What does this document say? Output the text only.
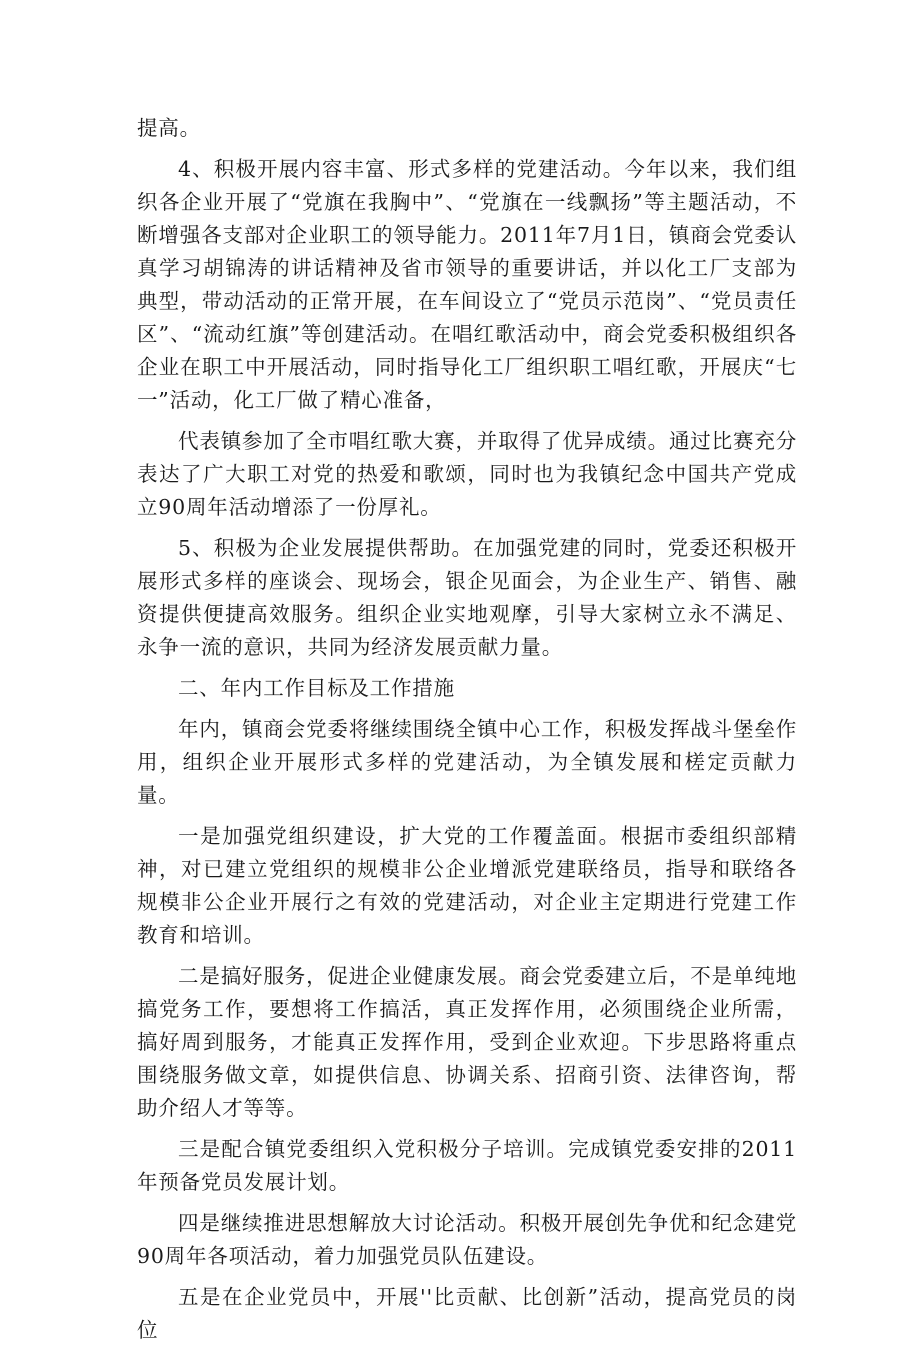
提高。

4、积极开展内容丰富、形式多样的党建活动。今年以来，我们组织各企业开展了“党旗在我胸中”、“党旗在一线飘扬”等主题活动，不断增强各支部对企业职工的领导能力。2011年7月1日，镇商会党委认真学习胡锦涛的讲话精神及省市领导的重要讲话，并以化工厂支部为典型，带动活动的正常开展，在车间设立了“党员示范岗”、“党员责任区”、“流动红旗”等创建活动。在唱红歌活动中，商会党委积极组织各企业在职工中开展活动，同时指导化工厂组织职工唱红歌，开展庆“七一”活动，化工厂做了精心准备，

代表镇参加了全市唱红歌大赛，并取得了优异成绩。通过比赛充分表达了广大职工对党的热爱和歌颂，同时也为我镇纪念中国共产党成立90周年活动增添了一份厚礼。

5、积极为企业发展提供帮助。在加强党建的同时，党委还积极开展形式多样的座谈会、现场会，银企见面会，为企业生产、销售、融资提供便捷高效服务。组织企业实地观摩，引导大家树立永不满足、永争一流的意识，共同为经济发展贡献力量。

二、年内工作目标及工作措施

年内，镇商会党委将继续围绕全镇中心工作，积极发挥战斗堡垒作用，组织企业开展形式多样的党建活动，为全镇发展和槎定贡献力量。

一是加强党组织建设，扩大党的工作覆盖面。根据市委组织部精神，对已建立党组织的规模非公企业增派党建联络员，指导和联络各规模非公企业开展行之有效的党建活动，对企业主定期进行党建工作教育和培训。

二是搞好服务，促进企业健康发展。商会党委建立后，不是单纯地搞党务工作，要想将工作搞活，真正发挥作用，必须围绕企业所需，搞好周到服务，才能真正发挥作用，受到企业欢迎。下步思路将重点围绕服务做文章，如提供信息、协调关系、招商引资、法律咨询，帮助介绍人才等等。

三是配合镇党委组织入党积极分子培训。完成镇党委安排的2011年预备党员发展计划。

四是继续推进思想解放大讨论活动。积极开展创先争优和纪念建党90周年各项活动，着力加强党员队伍建设。

五是在企业党员中，开展''比贡献、比创新”活动，提高党员的岗位
